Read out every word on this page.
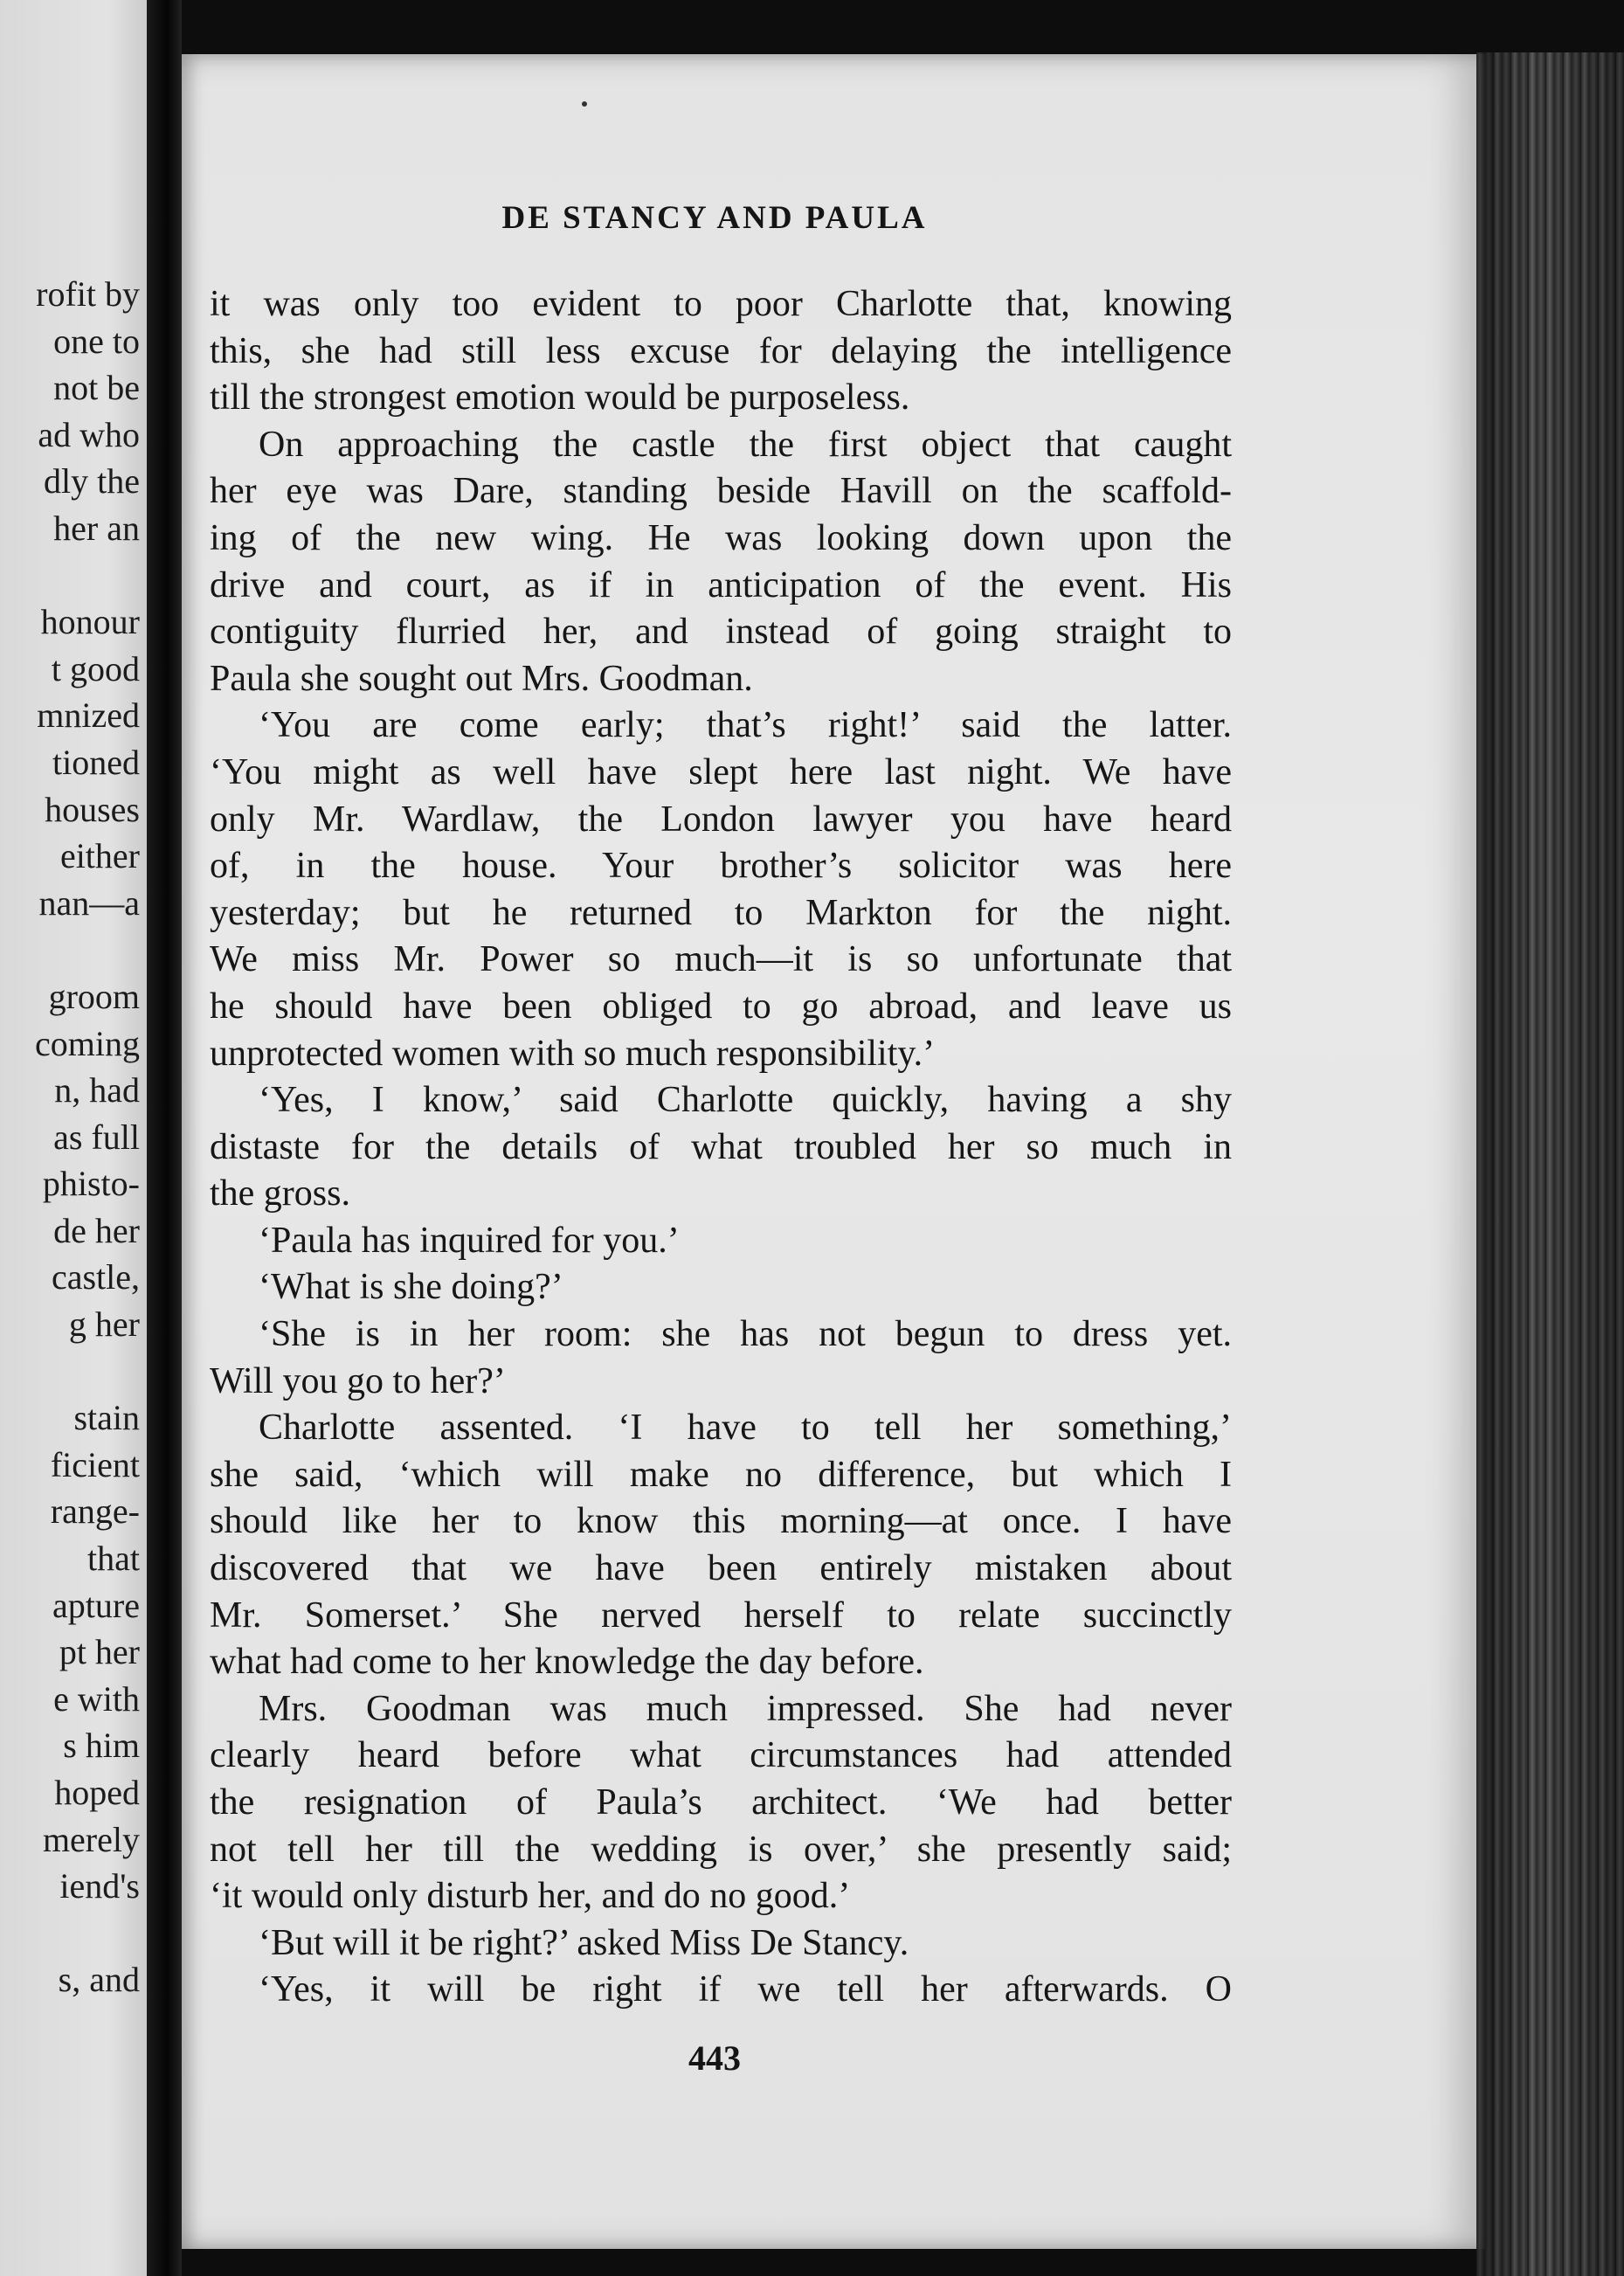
rofit by
one to
not be
ad who
dly the
her an
honour
t good
mnized
tioned
houses
either
nan—a
groom
coming
n, had
as full
phisto-
de her
castle,
g her
stain
ficient
range-
that
apture
pt her
e with
s him
hoped
merely
iend's
s, and
DE STANCY AND PAULA
it was only too evident to poor Charlotte that, knowing
this, she had still less excuse for delaying the intelligence
till the strongest emotion would be purposeless.
On approaching the castle the first object that caught
her eye was Dare, standing beside Havill on the scaffold-
ing of the new wing. He was looking down upon the
drive and court, as if in anticipation of the event. His
contiguity flurried her, and instead of going straight to
Paula she sought out Mrs. Goodman.
‘You are come early; that’s right!’ said the latter.
‘You might as well have slept here last night. We have
only Mr. Wardlaw, the London lawyer you have heard
of, in the house. Your brother’s solicitor was here
yesterday; but he returned to Markton for the night.
We miss Mr. Power so much—it is so unfortunate that
he should have been obliged to go abroad, and leave us
unprotected women with so much responsibility.’
‘Yes, I know,’ said Charlotte quickly, having a shy
distaste for the details of what troubled her so much in
the gross.
‘Paula has inquired for you.’
‘What is she doing?’
‘She is in her room: she has not begun to dress yet.
Will you go to her?’
Charlotte assented. ‘I have to tell her something,’
she said, ‘which will make no difference, but which I
should like her to know this morning—at once. I have
discovered that we have been entirely mistaken about
Mr. Somerset.’ She nerved herself to relate succinctly
what had come to her knowledge the day before.
Mrs. Goodman was much impressed. She had never
clearly heard before what circumstances had attended
the resignation of Paula’s architect. ‘We had better
not tell her till the wedding is over,’ she presently said;
‘it would only disturb her, and do no good.’
‘But will it be right?’ asked Miss De Stancy.
‘Yes, it will be right if we tell her afterwards. O
443
